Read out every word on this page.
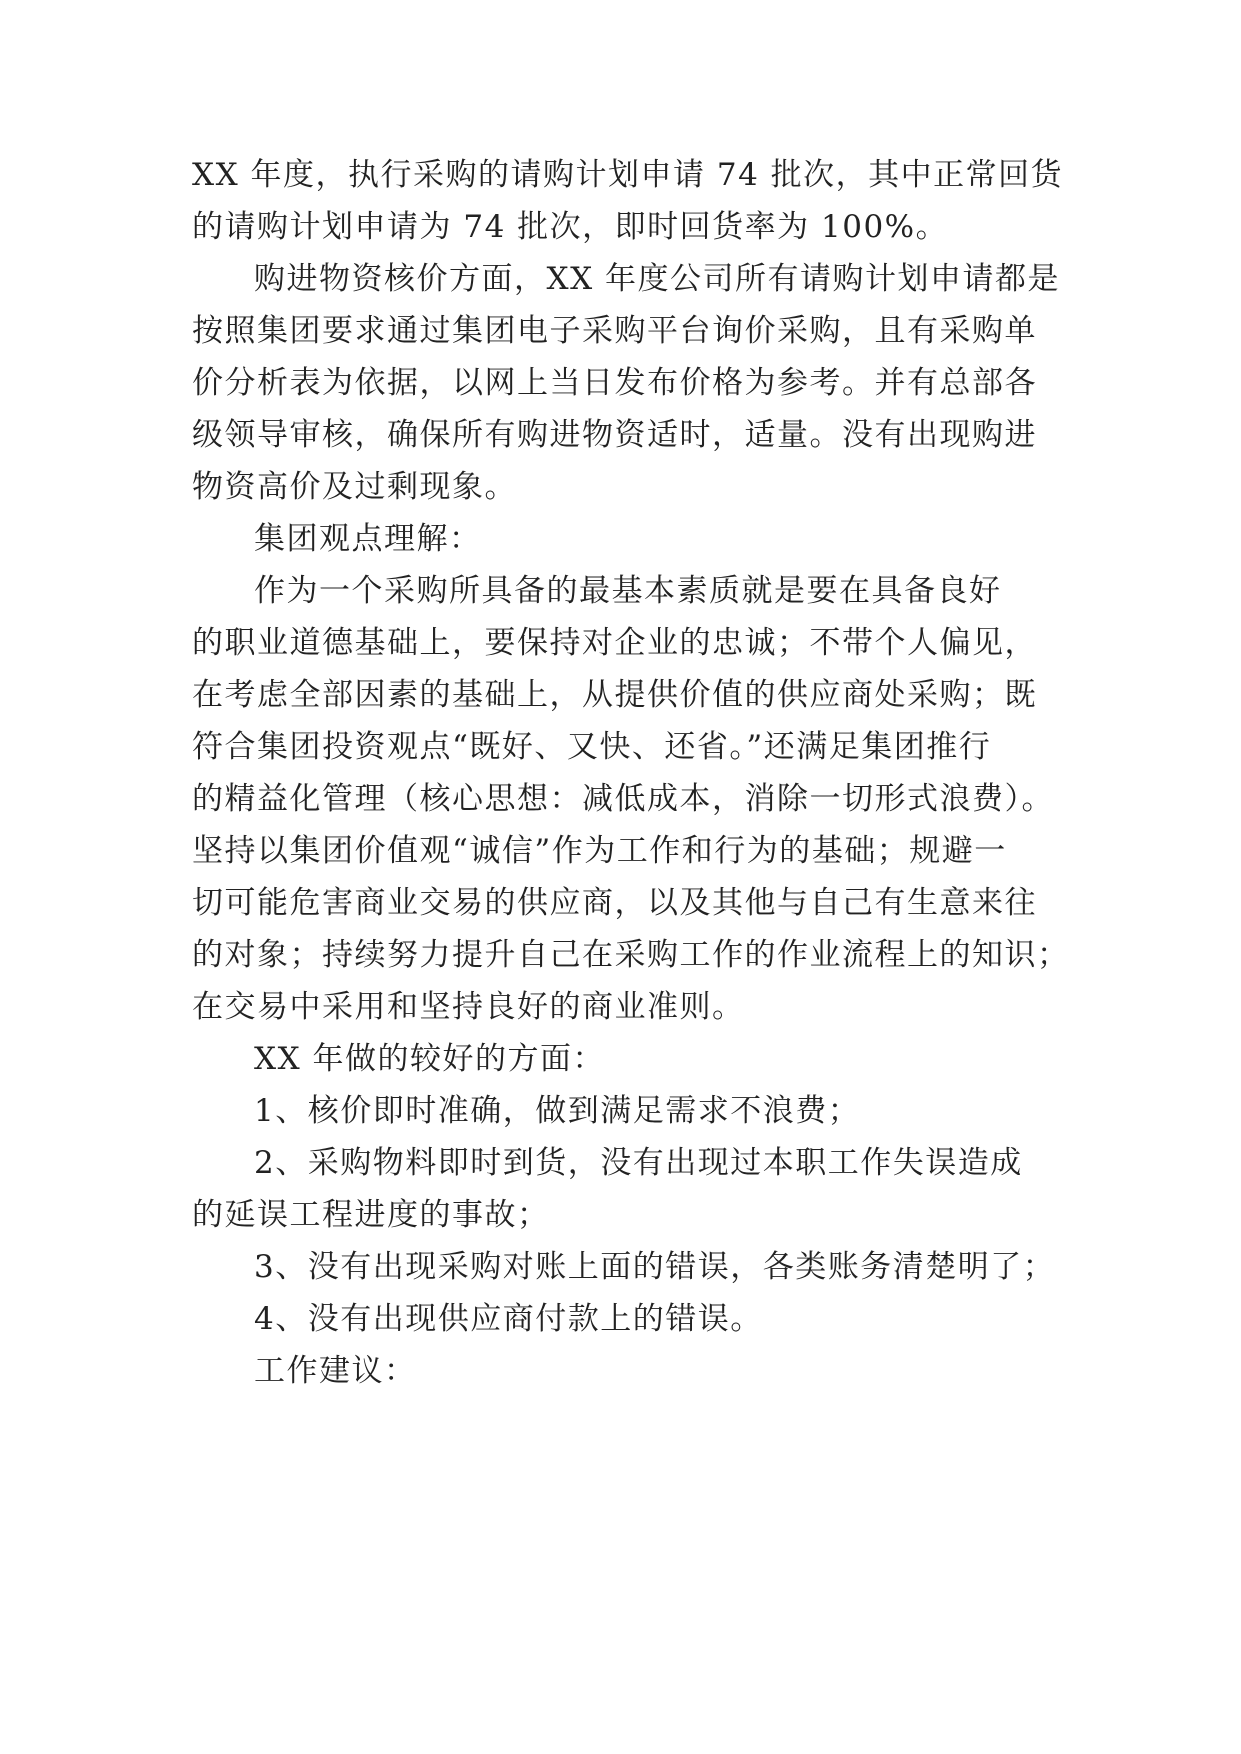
XX 年度，执行采购的请购计划申请 74 批次，其中正常回货
的请购计划申请为 74 批次，即时回货率为 100%。
购进物资核价方面，XX 年度公司所有请购计划申请都是
按照集团要求通过集团电子采购平台询价采购，且有采购单
价分析表为依据，以网上当日发布价格为参考。并有总部各
级领导审核，确保所有购进物资适时，适量。没有出现购进
物资高价及过剩现象。
集团观点理解：
作为一个采购所具备的最基本素质就是要在具备良好
的职业道德基础上，要保持对企业的忠诚；不带个人偏见，
在考虑全部因素的基础上，从提供价值的供应商处采购；既
符合集团投资观点“既好、又快、还省。”还满足集团推行
的精益化管理（核心思想：减低成本，消除一切形式浪费）。
坚持以集团价值观“诚信”作为工作和行为的基础；规避一
切可能危害商业交易的供应商，以及其他与自己有生意来往
的对象；持续努力提升自己在采购工作的作业流程上的知识；
在交易中采用和坚持良好的商业准则。
XX 年做的较好的方面：
1、核价即时准确，做到满足需求不浪费；
2、采购物料即时到货，没有出现过本职工作失误造成
的延误工程进度的事故；
3、没有出现采购对账上面的错误，各类账务清楚明了；
4、没有出现供应商付款上的错误。
工作建议：
